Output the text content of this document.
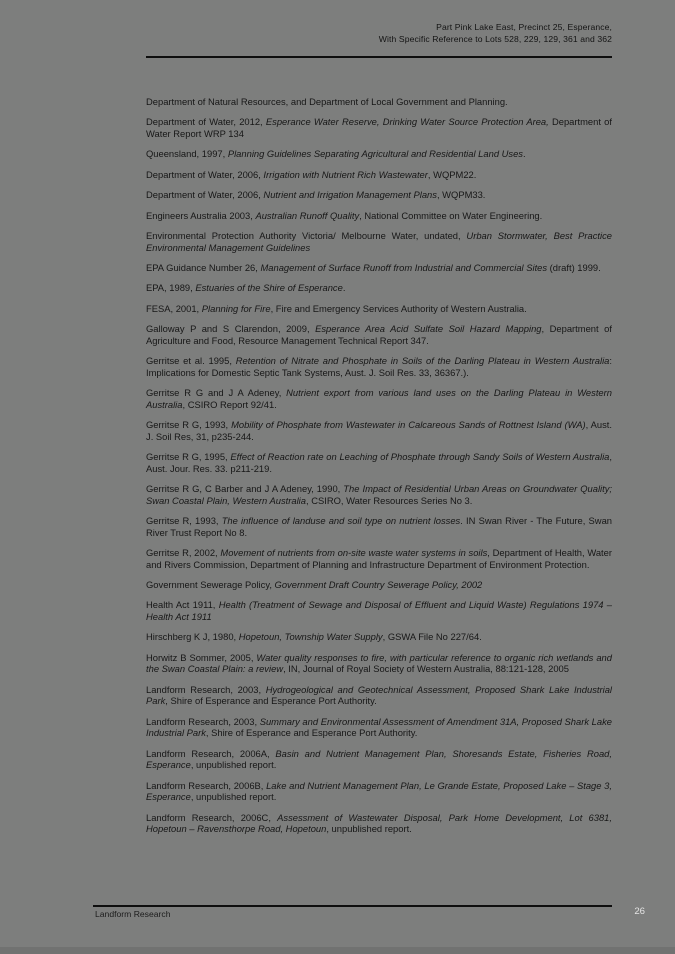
Part Pink Lake East, Precinct 25, Esperance,
With Specific Reference to Lots 528, 229, 129, 361 and 362

Department of Natural Resources, and Department of Local Government and Planning.

Department of Water, 2012, Esperance Water Reserve, Drinking Water Source Protection Area, Department of Water Report WRP 134

Queensland, 1997, Planning Guidelines Separating Agricultural and Residential Land Uses.

Department of Water, 2006, Irrigation with Nutrient Rich Wastewater, WQPM22.

Department of Water, 2006, Nutrient and Irrigation Management Plans, WQPM33.

Engineers Australia 2003, Australian Runoff Quality, National Committee on Water Engineering.

Environmental Protection Authority Victoria/ Melbourne Water, undated, Urban Stormwater, Best Practice Environmental Management Guidelines

EPA Guidance Number 26, Management of Surface Runoff from Industrial and Commercial Sites (draft) 1999.

EPA, 1989, Estuaries of the Shire of Esperance.

FESA, 2001, Planning for Fire, Fire and Emergency Services Authority of Western Australia.

Galloway P and S Clarendon, 2009, Esperance Area Acid Sulfate Soil Hazard Mapping, Department of Agriculture and Food, Resource Management Technical Report 347.

Gerritse et al. 1995, Retention of Nitrate and Phosphate in Soils of the Darling Plateau in Western Australia: Implications for Domestic Septic Tank Systems, Aust. J. Soil Res. 33, 36367.).

Gerritse R G and J A Adeney, Nutrient export from various land uses on the Darling Plateau in Western Australia, CSIRO Report 92/41.

Gerritse R G, 1993, Mobility of Phosphate from Wastewater in Calcareous Sands of Rottnest Island (WA), Aust. J. Soil Res, 31, p235-244.

Gerritse R G, 1995, Effect of Reaction rate on Leaching of Phosphate through Sandy Soils of Western Australia, Aust. Jour. Res. 33. p211-219.

Gerritse R G, C Barber and J A Adeney, 1990, The Impact of Residential Urban Areas on Groundwater Quality; Swan Coastal Plain, Western Australia, CSIRO, Water Resources Series No 3.

Gerritse R, 1993, The influence of landuse and soil type on nutrient losses. IN Swan River - The Future, Swan River Trust Report No 8.

Gerritse R, 2002, Movement of nutrients from on-site waste water systems in soils, Department of Health, Water and Rivers Commission, Department of Planning and Infrastructure Department of Environment Protection.

Government Sewerage Policy, Government Draft Country Sewerage Policy, 2002

Health Act 1911, Health (Treatment of Sewage and Disposal of Effluent and Liquid Waste) Regulations 1974 – Health Act 1911

Hirschberg K J, 1980, Hopetoun, Township Water Supply, GSWA File No 227/64.

Horwitz B Sommer, 2005, Water quality responses to fire, with particular reference to organic rich wetlands and the Swan Coastal Plain: a review, IN, Journal of Royal Society of Western Australia, 88:121-128, 2005

Landform Research, 2003, Hydrogeological and Geotechnical Assessment, Proposed Shark Lake Industrial Park, Shire of Esperance and Esperance Port Authority.

Landform Research, 2003, Summary and Environmental Assessment of Amendment 31A, Proposed Shark Lake Industrial Park, Shire of Esperance and Esperance Port Authority.

Landform Research, 2006A, Basin and Nutrient Management Plan, Shoresands Estate, Fisheries Road, Esperance, unpublished report.

Landform Research, 2006B, Lake and Nutrient Management Plan, Le Grande Estate, Proposed Lake – Stage 3, Esperance, unpublished report.

Landform Research, 2006C, Assessment of Wastewater Disposal, Park Home Development, Lot 6381, Hopetoun – Ravensthorpe Road, Hopetoun, unpublished report.

Landform Research	26
